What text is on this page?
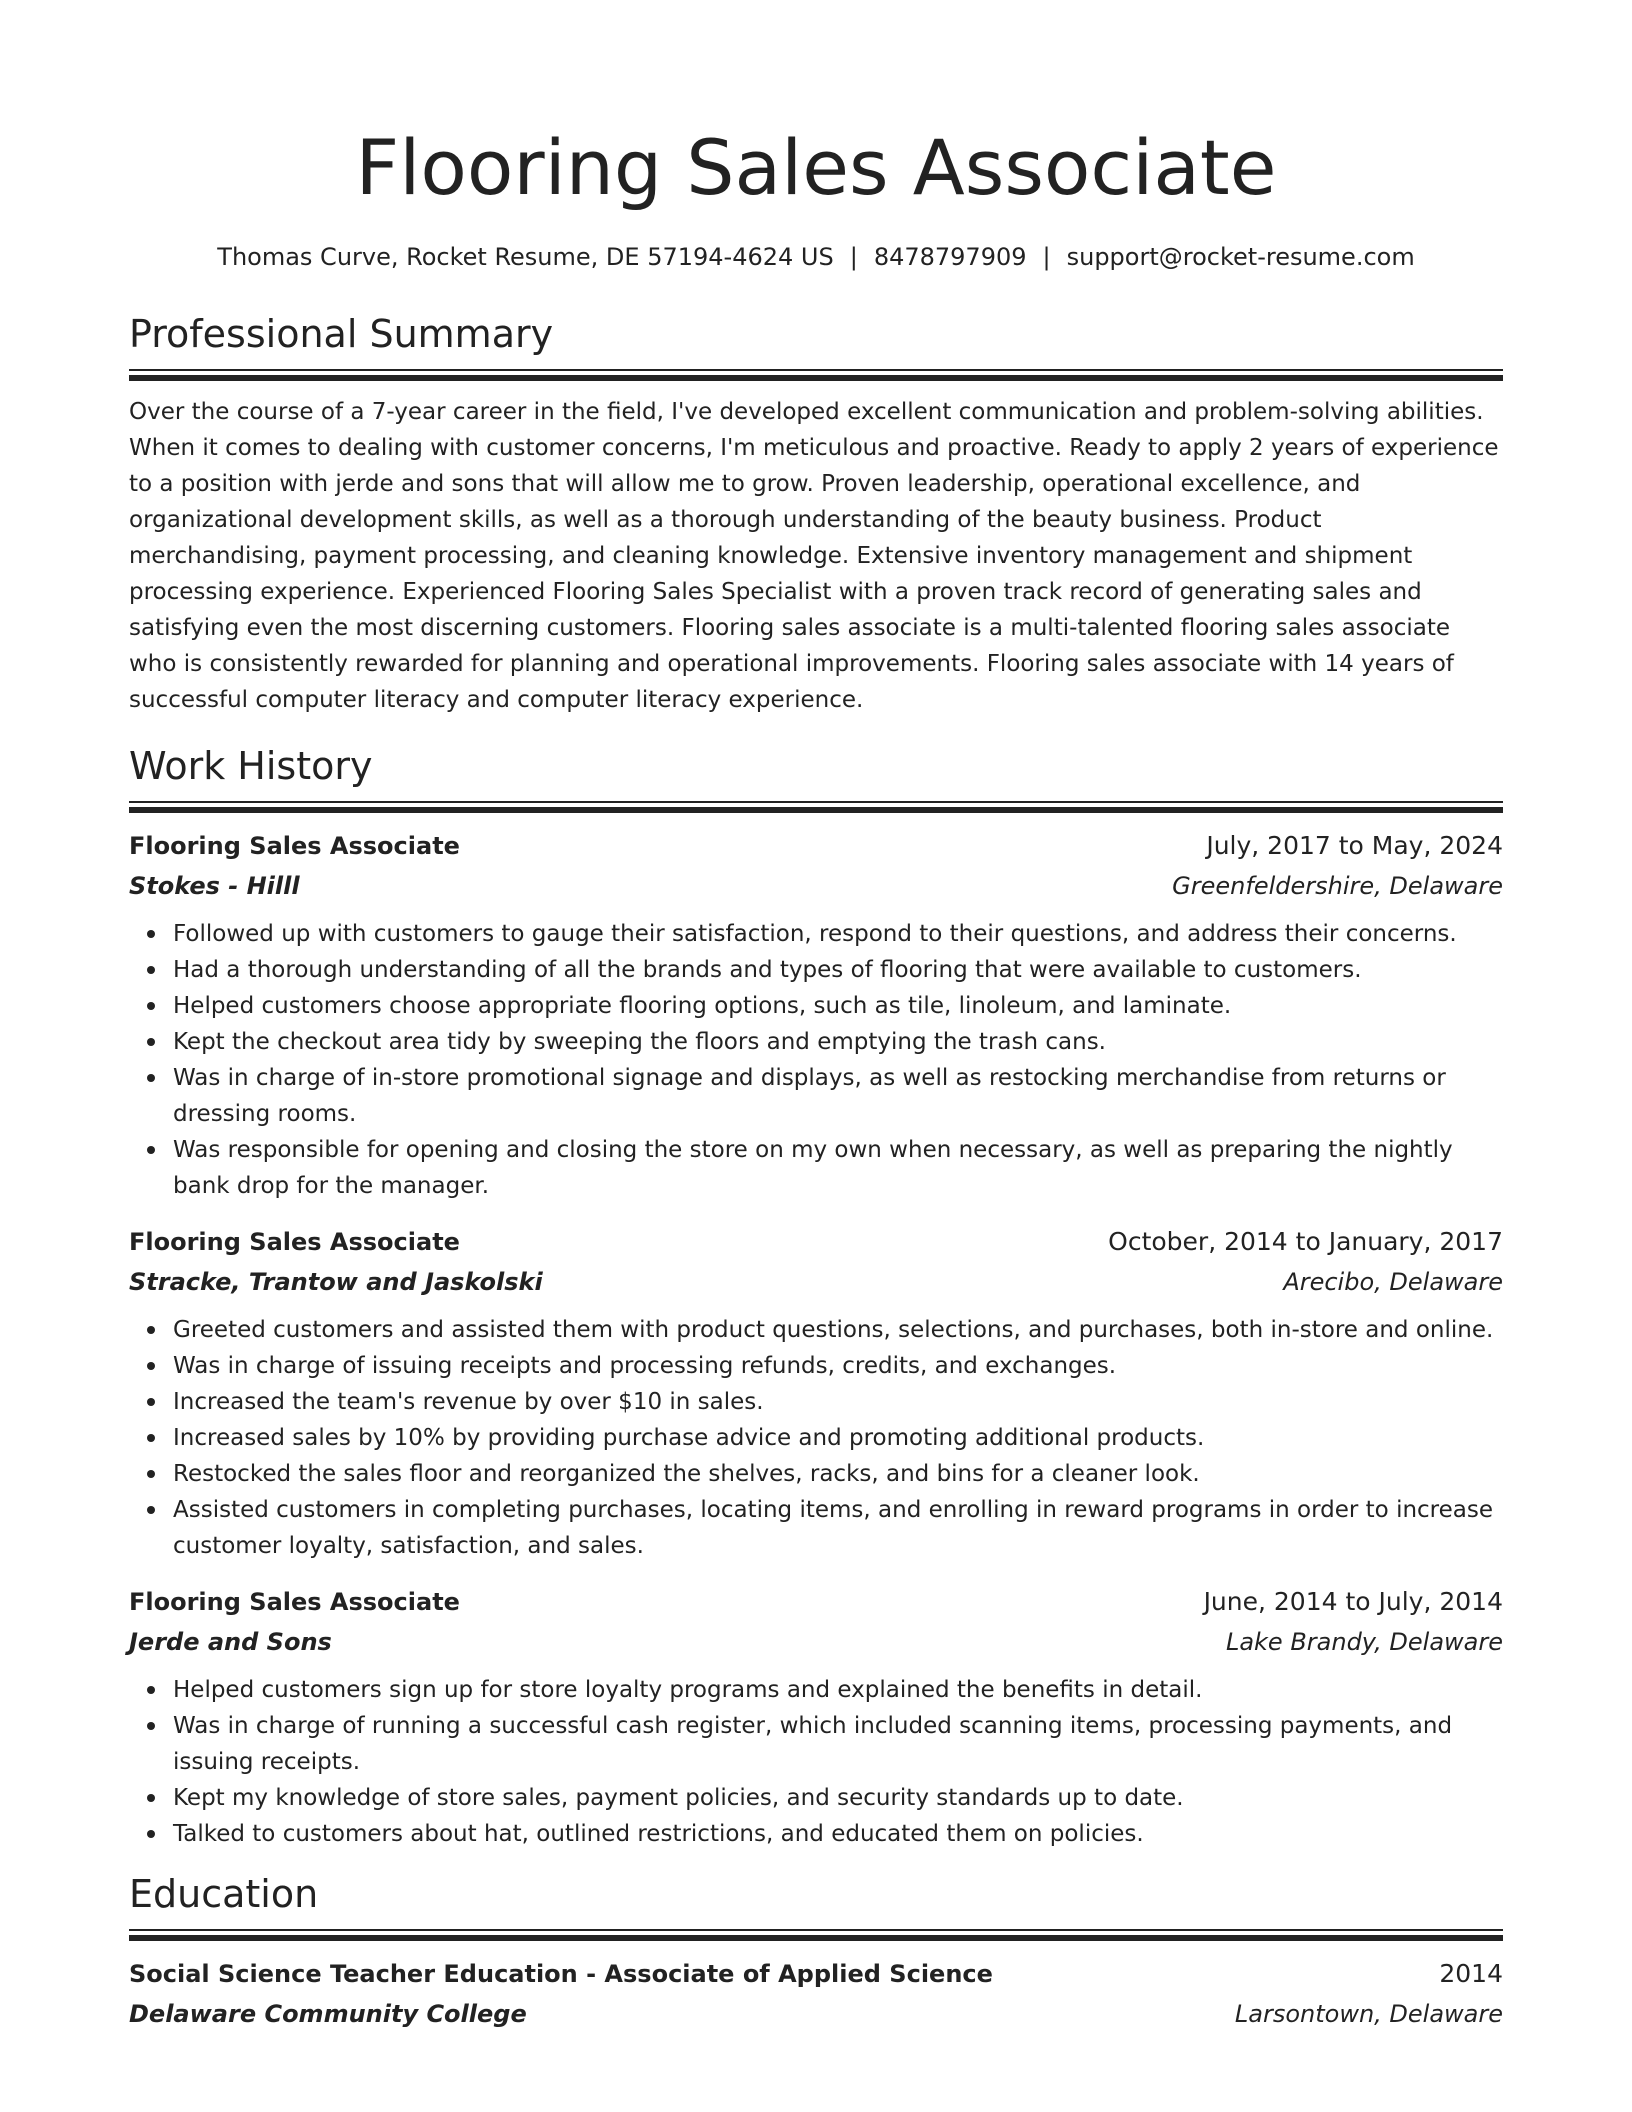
Flooring Sales Associate
Thomas Curve, Rocket Resume, DE 57194-4624 US | 8478797909 | support@rocket-resume.com
Professional Summary

Over the course of a 7-year career in the field, I've developed excellent communication and problem-solving abilities. When it comes to dealing with customer concerns, I'm meticulous and proactive. Ready to apply 2 years of experience to a position with jerde and sons that will allow me to grow. Proven leadership, operational excellence, and organizational development skills, as well as a thorough understanding of the beauty business. Product merchandising, payment processing, and cleaning knowledge. Extensive inventory management and shipment processing experience. Experienced Flooring Sales Specialist with a proven track record of generating sales and satisfying even the most discerning customers. Flooring sales associate is a multi-talented flooring sales associate who is consistently rewarded for planning and operational improvements. Flooring sales associate with 14 years of successful computer literacy and computer literacy experience.

Work History
Flooring Sales Associate	July, 2017 to May, 2024
Stokes - Hilll	Greenfeldershire, Delaware
Followed up with customers to gauge their satisfaction, respond to their questions, and address their concerns.
Had a thorough understanding of all the brands and types of flooring that were available to customers.
Helped customers choose appropriate flooring options, such as tile, linoleum, and laminate.
Kept the checkout area tidy by sweeping the floors and emptying the trash cans.
Was in charge of in-store promotional signage and displays, as well as restocking merchandise from returns or dressing rooms.
Was responsible for opening and closing the store on my own when necessary, as well as preparing the nightly bank drop for the manager.
Flooring Sales Associate	October, 2014 to January, 2017
Stracke, Trantow and Jaskolski	Arecibo, Delaware
Greeted customers and assisted them with product questions, selections, and purchases, both in-store and online.
Was in charge of issuing receipts and processing refunds, credits, and exchanges.
Increased the team's revenue by over $10 in sales.
Increased sales by 10% by providing purchase advice and promoting additional products.
Restocked the sales floor and reorganized the shelves, racks, and bins for a cleaner look.
Assisted customers in completing purchases, locating items, and enrolling in reward programs in order to increase customer loyalty, satisfaction, and sales.
Flooring Sales Associate	June, 2014 to July, 2014
Jerde and Sons	Lake Brandy, Delaware
Helped customers sign up for store loyalty programs and explained the benefits in detail.
Was in charge of running a successful cash register, which included scanning items, processing payments, and issuing receipts.
Kept my knowledge of store sales, payment policies, and security standards up to date.
Talked to customers about hat, outlined restrictions, and educated them on policies.
Education
Social Science Teacher Education - Associate of Applied Science	2014
Delaware Community College	Larsontown, Delaware
